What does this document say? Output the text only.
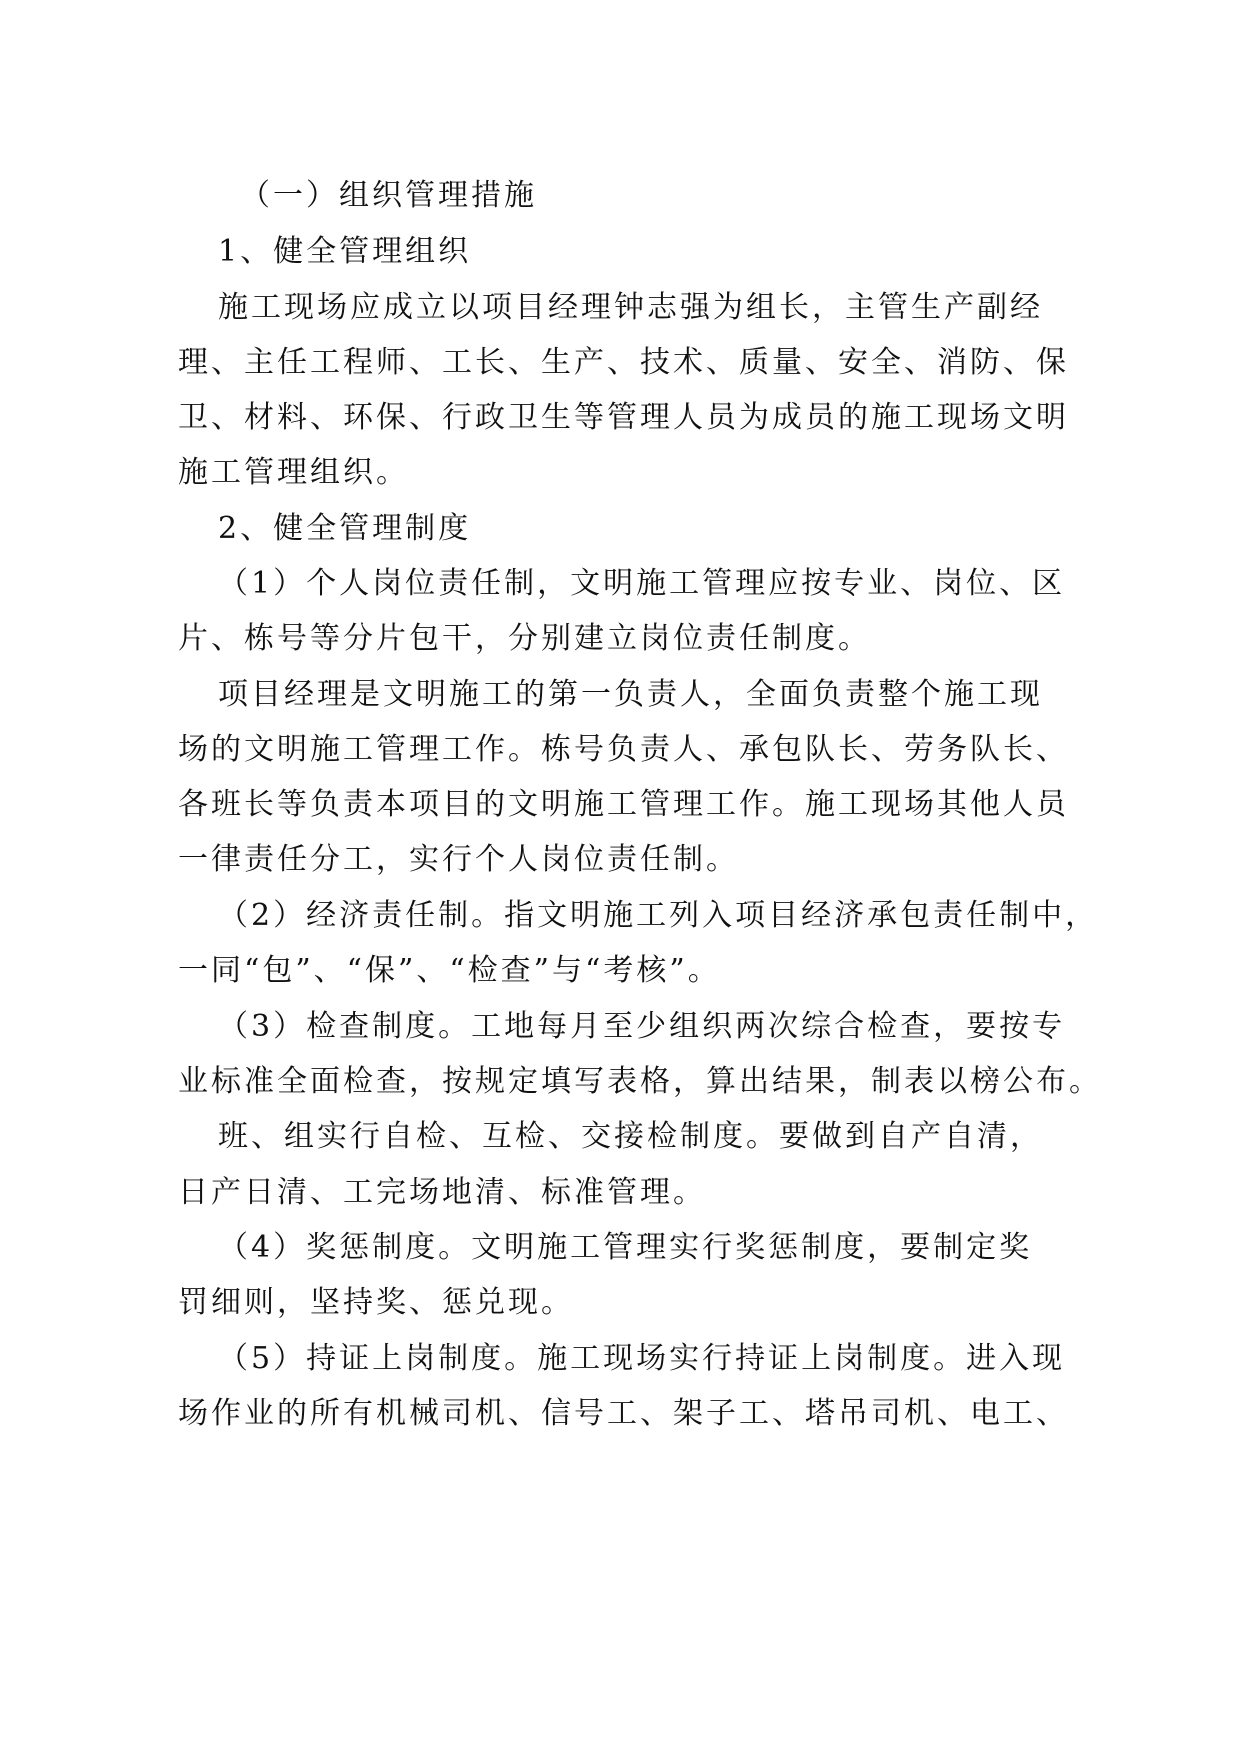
（一）组织管理措施
1、健全管理组织
施工现场应成立以项目经理钟志强为组长，主管生产副经
理、主任工程师、工长、生产、技术、质量、安全、消防、保
卫、材料、环保、行政卫生等管理人员为成员的施工现场文明
施工管理组织。
2、健全管理制度
（1）个人岗位责任制，文明施工管理应按专业、岗位、区
片、栋号等分片包干，分别建立岗位责任制度。
项目经理是文明施工的第一负责人，全面负责整个施工现
场的文明施工管理工作。栋号负责人、承包队长、劳务队长、
各班长等负责本项目的文明施工管理工作。施工现场其他人员
一律责任分工，实行个人岗位责任制。
（2）经济责任制。指文明施工列入项目经济承包责任制中，
一同“包”、“保”、“检查”与“考核”。
（3）检查制度。工地每月至少组织两次综合检查，要按专
业标准全面检查，按规定填写表格，算出结果，制表以榜公布。
班、组实行自检、互检、交接检制度。要做到自产自清，
日产日清、工完场地清、标准管理。
（4）奖惩制度。文明施工管理实行奖惩制度，要制定奖
罚细则，坚持奖、惩兑现。
（5）持证上岗制度。施工现场实行持证上岗制度。进入现
场作业的所有机械司机、信号工、架子工、塔吊司机、电工、
